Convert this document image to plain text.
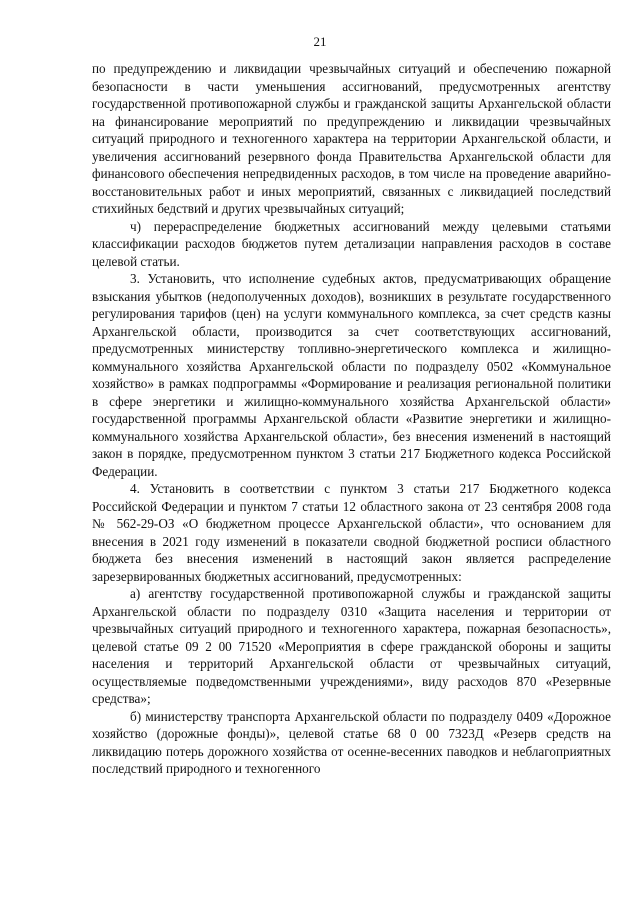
21

по предупреждению и ликвидации чрезвычайных ситуаций и обеспечению пожарной безопасности в части уменьшения ассигнований, предусмотренных агентству государственной противопожарной службы и гражданской защиты Архангельской области на финансирование мероприятий по предупреждению и ликвидации чрезвычайных ситуаций природного и техногенного характера на территории Архангельской области, и увеличения ассигнований резервного фонда Правительства Архангельской области для финансового обеспечения непредвиденных расходов, в том числе на проведение аварийно-восстановительных работ и иных мероприятий, связанных с ликвидацией последствий стихийных бедствий и других чрезвычайных ситуаций;

ч) перераспределение бюджетных ассигнований между целевыми статьями классификации расходов бюджетов путем детализации направления расходов в составе целевой статьи.

3. Установить, что исполнение судебных актов, предусматривающих обращение взыскания убытков (недополученных доходов), возникших в результате государственного регулирования тарифов (цен) на услуги коммунального комплекса, за счет средств казны Архангельской области, производится за счет соответствующих ассигнований, предусмотренных министерству топливно-энергетического комплекса и жилищно-коммунального хозяйства Архангельской области по подразделу 0502 «Коммунальное хозяйство» в рамках подпрограммы «Формирование и реализация региональной политики в сфере энергетики и жилищно-коммунального хозяйства Архангельской области» государственной программы Архангельской области «Развитие энергетики и жилищно-коммунального хозяйства Архангельской области», без внесения изменений в настоящий закон в порядке, предусмотренном пунктом 3 статьи 217 Бюджетного кодекса Российской Федерации.

4. Установить в соответствии с пунктом 3 статьи 217 Бюджетного кодекса Российской Федерации и пунктом 7 статьи 12 областного закона от 23 сентября 2008 года № 562-29-ОЗ «О бюджетном процессе Архангельской области», что основанием для внесения в 2021 году изменений в показатели сводной бюджетной росписи областного бюджета без внесения изменений в настоящий закон является распределение зарезервированных бюджетных ассигнований, предусмотренных:

а) агентству государственной противопожарной службы и гражданской защиты Архангельской области по подразделу 0310 «Защита населения и территории от чрезвычайных ситуаций природного и техногенного характера, пожарная безопасность», целевой статье 09 2 00 71520 «Мероприятия в сфере гражданской обороны и защиты населения и территорий Архангельской области от чрезвычайных ситуаций, осуществляемые подведомственными учреждениями», виду расходов 870 «Резервные средства»;

б) министерству транспорта Архангельской области по подразделу 0409 «Дорожное хозяйство (дорожные фонды)», целевой статье 68 0 00 7323Д «Резерв средств на ликвидацию потерь дорожного хозяйства от осенне-весенних паводков и неблагоприятных последствий природного и техногенного
